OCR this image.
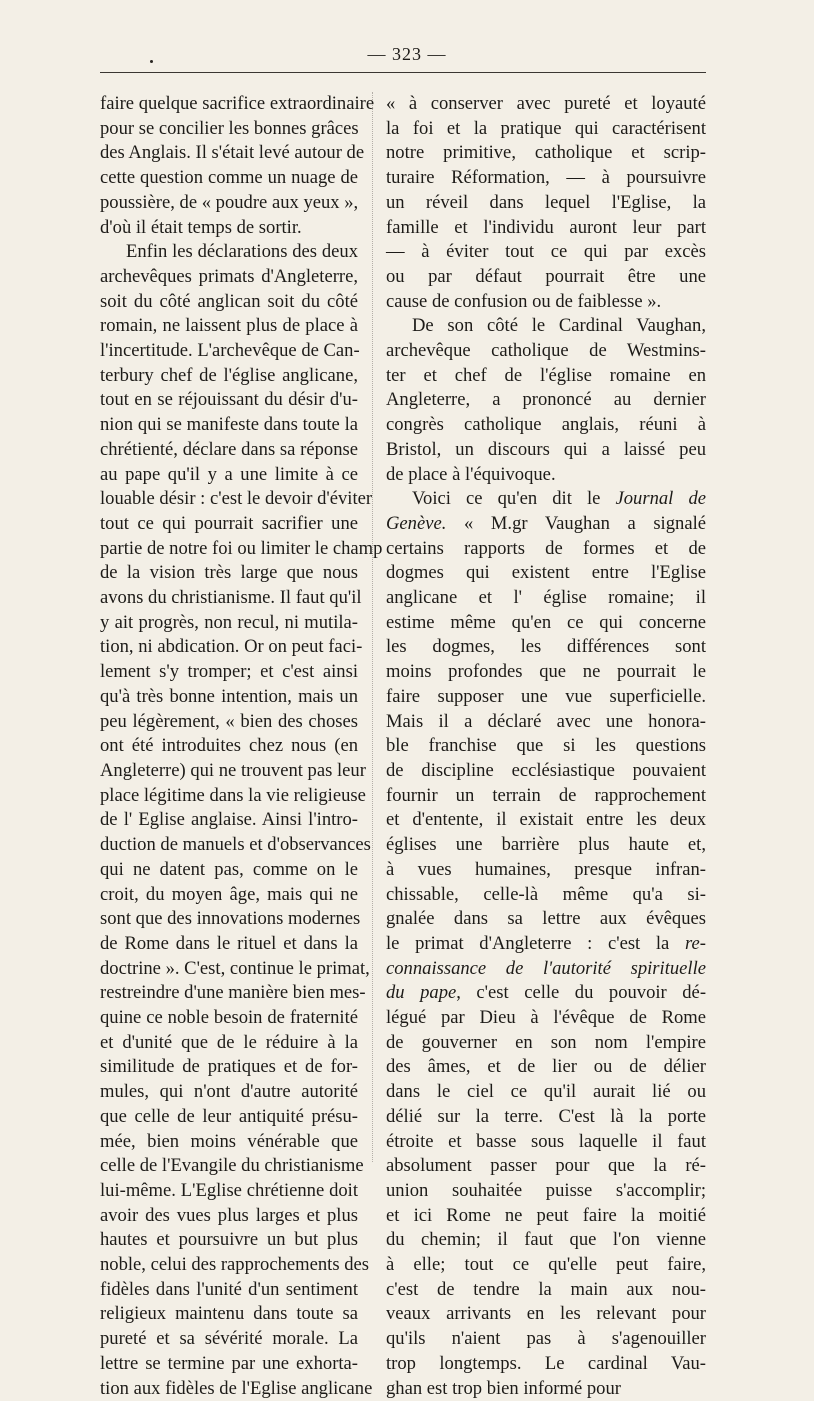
— 323 —
faire quelque sacrifice extraordinaire
pour se concilier les bonnes grâces
des Anglais. Il s'était levé autour de
cette question comme un nuage de
poussière, de « poudre aux yeux »,
d'où il était temps de sortir.
Enfin les déclarations des deux
archevêques primats d'Angleterre,
soit du côté anglican soit du côté
romain, ne laissent plus de place à
l'incertitude. L'archevêque de Can-
terbury chef de l'église anglicane,
tout en se réjouissant du désir d'u-
nion qui se manifeste dans toute la
chrétienté, déclare dans sa réponse
au pape qu'il y a une limite à ce
louable désir : c'est le devoir d'éviter
tout ce qui pourrait sacrifier une
partie de notre foi ou limiter le champ
de la vision très large que nous
avons du christianisme. Il faut qu'il
y ait progrès, non recul, ni mutila-
tion, ni abdication. Or on peut faci-
lement s'y tromper; et c'est ainsi
qu'à très bonne intention, mais un
peu légèrement, « bien des choses
ont été introduites chez nous (en
Angleterre) qui ne trouvent pas leur
place légitime dans la vie religieuse
de l' Eglise anglaise. Ainsi l'intro-
duction de manuels et d'observances
qui ne datent pas, comme on le
croit, du moyen âge, mais qui ne
sont que des innovations modernes
de Rome dans le rituel et dans la
doctrine ». C'est, continue le primat,
restreindre d'une manière bien mes-
quine ce noble besoin de fraternité
et d'unité que de le réduire à la
similitude de pratiques et de for-
mules, qui n'ont d'autre autorité
que celle de leur antiquité présu-
mée, bien moins vénérable que
celle de l'Evangile du christianisme
lui-même. L'Eglise chrétienne doit
avoir des vues plus larges et plus
hautes et poursuivre un but plus
noble, celui des rapprochements des
fidèles dans l'unité d'un sentiment
religieux maintenu dans toute sa
pureté et sa sévérité morale. La
lettre se termine par une exhorta-
tion aux fidèles de l'Eglise anglicane
« à conserver avec pureté et loyauté
la foi et la pratique qui caractérisent
notre primitive, catholique et scrip-
turaire Réformation, — à poursuivre
un réveil dans lequel l'Eglise, la
famille et l'individu auront leur part
— à éviter tout ce qui par excès
ou par défaut pourrait être une
cause de confusion ou de faiblesse ».
De son côté le Cardinal Vaughan,
archevêque catholique de Westmins-
ter et chef de l'église romaine en
Angleterre, a prononcé au dernier
congrès catholique anglais, réuni à
Bristol, un discours qui a laissé peu
de place à l'équivoque.
Voici ce qu'en dit le Journal de
Genève. « M.gr Vaughan a signalé
certains rapports de formes et de
dogmes qui existent entre l'Eglise
anglicane et l' église romaine; il
estime même qu'en ce qui concerne
les dogmes, les différences sont
moins profondes que ne pourrait le
faire supposer une vue superficielle.
Mais il a déclaré avec une honora-
ble franchise que si les questions
de discipline ecclésiastique pouvaient
fournir un terrain de rapprochement
et d'entente, il existait entre les deux
églises une barrière plus haute et,
à vues humaines, presque infran-
chissable, celle-là même qu'a si-
gnalée dans sa lettre aux évêques
le primat d'Angleterre : c'est la re-
connaissance de l'autorité spirituelle
du pape, c'est celle du pouvoir dé-
légué par Dieu à l'évêque de Rome
de gouverner en son nom l'empire
des âmes, et de lier ou de délier
dans le ciel ce qu'il aurait lié ou
délié sur la terre. C'est là la porte
étroite et basse sous laquelle il faut
absolument passer pour que la ré-
union souhaitée puisse s'accomplir;
et ici Rome ne peut faire la moitié
du chemin; il faut que l'on vienne
à elle; tout ce qu'elle peut faire,
c'est de tendre la main aux nou-
veaux arrivants en les relevant pour
qu'ils n'aient pas à s'agenouiller
trop longtemps. Le cardinal Vau-
ghan est trop bien informé pour
